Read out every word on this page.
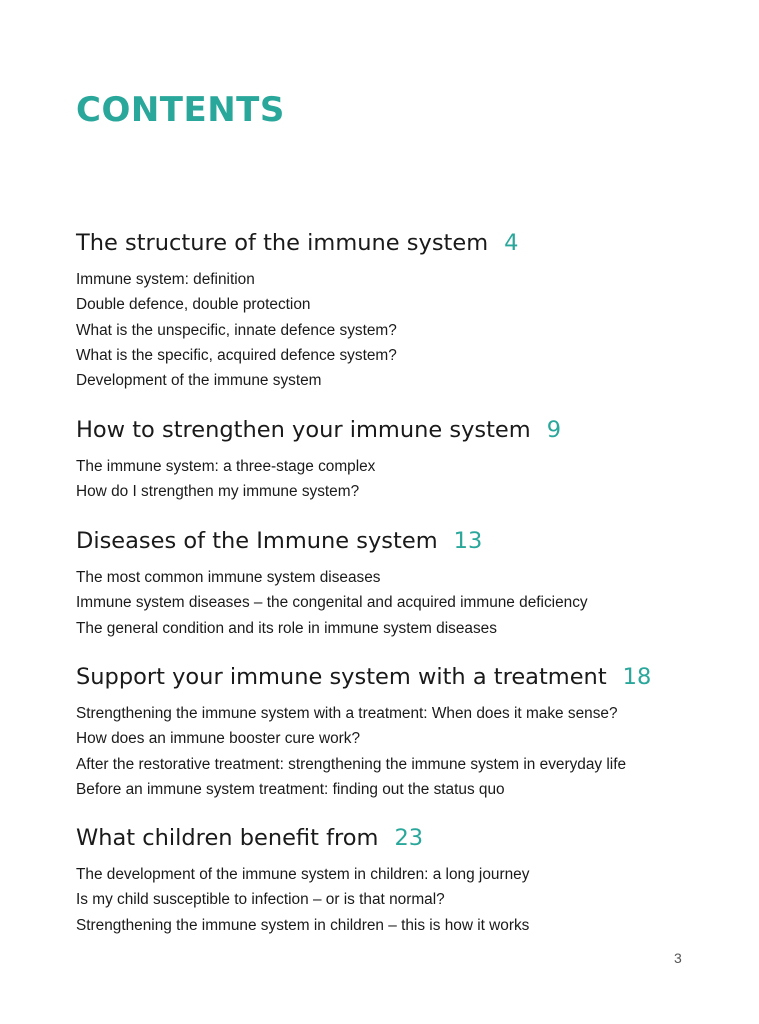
CONTENTS
The structure of the immune system 4
Immune system: definition
Double defence, double protection
What is the unspecific, innate defence system?
What is the specific, acquired defence system?
Development of the immune system
How to strengthen your immune system 9
The immune system: a three-stage complex
How do I strengthen my immune system?
Diseases of the Immune system 13
The most common immune system diseases
Immune system diseases – the congenital and acquired immune deficiency
The general condition and its role in immune system diseases
Support your immune system with a treatment 18
Strengthening the immune system with a treatment: When does it make sense?
How does an immune booster cure work?
After the restorative treatment: strengthening the immune system in everyday life
Before an immune system treatment: finding out the status quo
What children benefit from 23
The development of the immune system in children: a long journey
Is my child susceptible to infection – or is that normal?
Strengthening the immune system in children – this is how it works
3
